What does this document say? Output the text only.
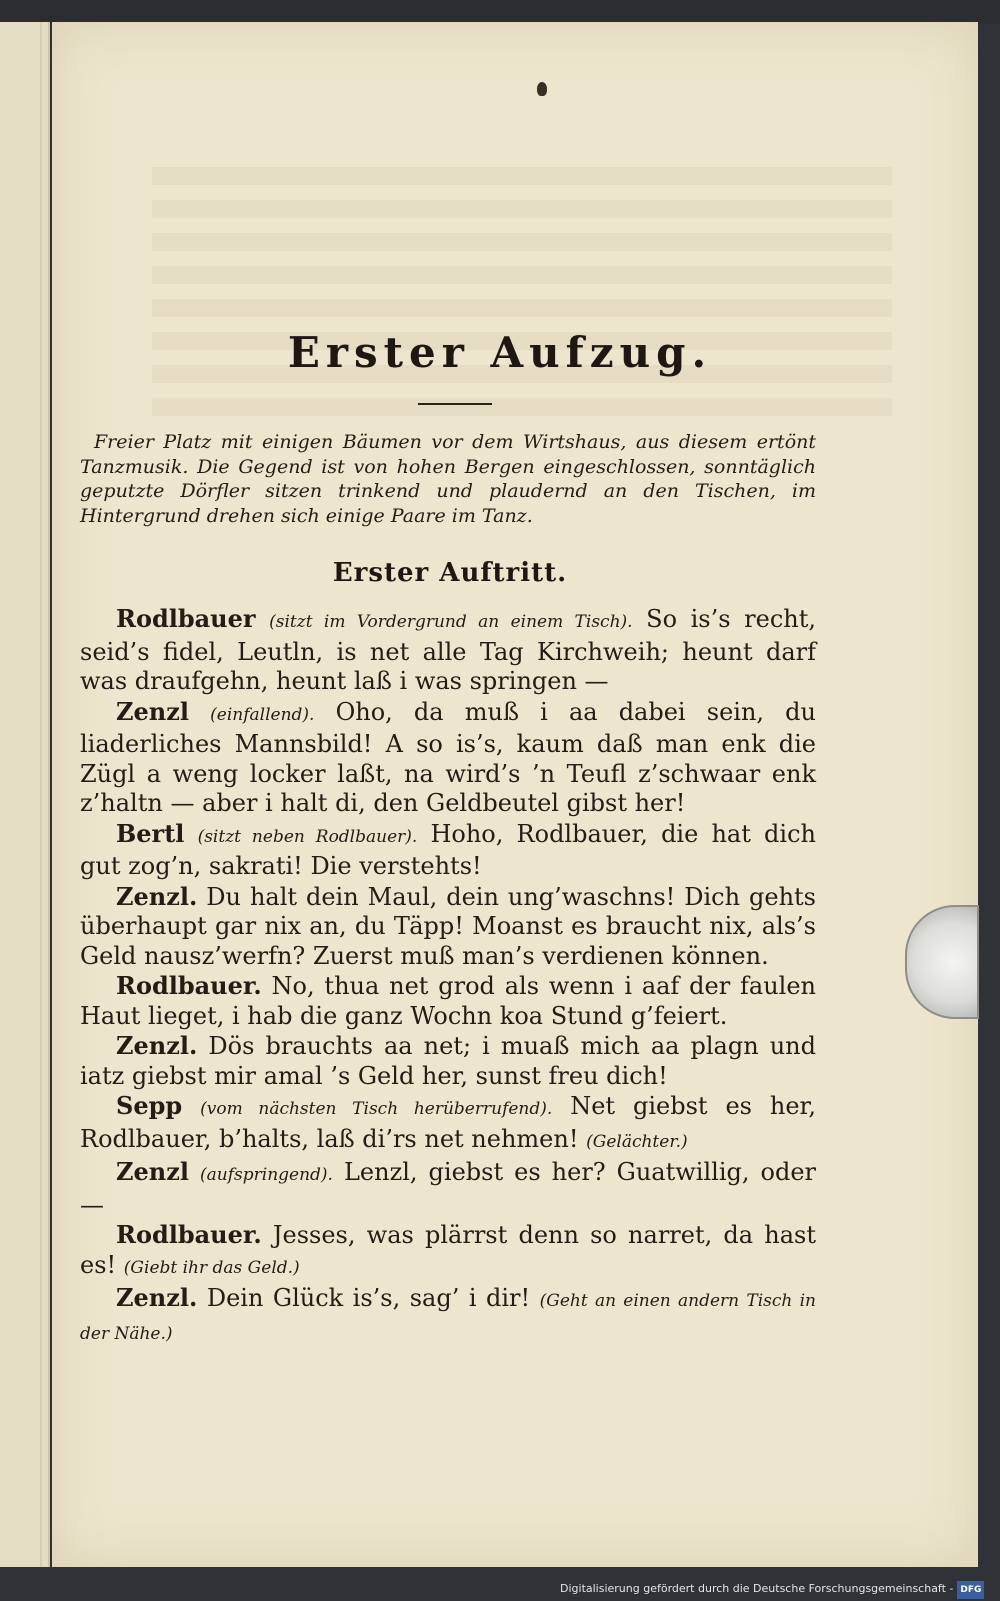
Erster Aufzug.
Freier Platz mit einigen Bäumen vor dem Wirtshaus, aus diesem ertönt Tanzmusik. Die Gegend ist von hohen Bergen eingeschlossen, sonntäglich geputzte Dörfler sitzen trinkend und plaudernd an den Tischen, im Hintergrund drehen sich einige Paare im Tanz.
Erster Auftritt.

Rodlbauer (sitzt im Vordergrund an einem Tisch). So is’s recht, seid’s fidel, Leutln, is net alle Tag Kirchweih; heunt darf was draufgehn, heunt laß i was springen —

Zenzl (einfallend). Oho, da muß i aa dabei sein, du liaderliches Mannsbild! A so is’s, kaum daß man enk die Zügl a weng locker laßt, na wird’s ’n Teufl z’schwaar enk z’haltn — aber i halt di, den Geldbeutel gibst her!

Bertl (sitzt neben Rodlbauer). Hoho, Rodlbauer, die hat dich gut zog’n, sakrati! Die verstehts!

Zenzl. Du halt dein Maul, dein ung’waschns! Dich gehts überhaupt gar nix an, du Täpp! Moanst es braucht nix, als’s Geld nausz’werfn? Zuerst muß man’s verdienen können.

Rodlbauer. No, thua net grod als wenn i aaf der faulen Haut lieget, i hab die ganz Wochn koa Stund g’feiert.

Zenzl. Dös brauchts aa net; i muaß mich aa plagn und iatz giebst mir amal ’s Geld her, sunst freu dich!

Sepp (vom nächsten Tisch herüberrufend). Net giebst es her, Rodlbauer, b’halts, laß di’rs net nehmen! (Gelächter.)

Zenzl (aufspringend). Lenzl, giebst es her? Guatwillig, oder —

Rodlbauer. Jesses, was plärrst denn so narret, da hast es! (Giebt ihr das Geld.)

Zenzl. Dein Glück is’s, sag’ i dir! (Geht an einen andern Tisch in der Nähe.)

Digitalisierung gefördert durch die Deutsche Forschungsgemeinschaft - DFG
